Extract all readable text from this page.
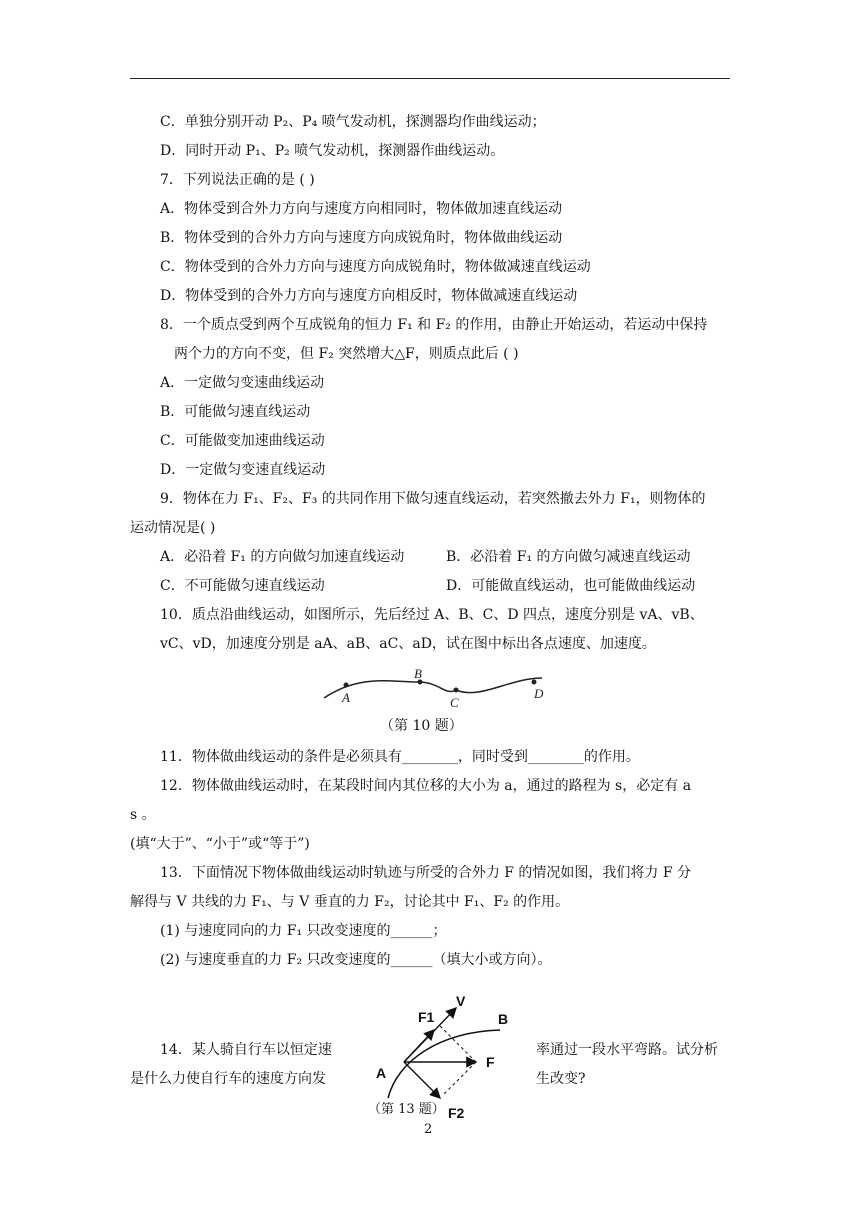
C．单独分别开动 P₂、P₄ 喷气发动机，探测器均作曲线运动；
D．同时开动 P₁、P₂ 喷气发动机，探测器作曲线运动。
7．下列说法正确的是 ( )
A．物体受到合外力方向与速度方向相同时，物体做加速直线运动
B．物体受到的合外力方向与速度方向成锐角时，物体做曲线运动
C．物体受到的合外力方向与速度方向成锐角时，物体做减速直线运动
D．物体受到的合外力方向与速度方向相反时，物体做减速直线运动
8．一个质点受到两个互成锐角的恒力 F₁ 和 F₂ 的作用，由静止开始运动，若运动中保持
两个力的方向不变，但 F₂ 突然增大△F，则质点此后 ( )
A．一定做匀变速曲线运动
B．可能做匀速直线运动
C．可能做变加速曲线运动
D．一定做匀变速直线运动
9．物体在力 F₁、F₂、F₃ 的共同作用下做匀速直线运动，若突然撤去外力 F₁，则物体的
运动情况是( )
A．必沿着 F₁ 的方向做匀加速直线运动	B．必沿着 F₁ 的方向做匀减速直线运动
C．不可能做匀速直线运动	D．可能做直线运动，也可能做曲线运动
10．质点沿曲线运动，如图所示，先后经过 A、B、C、D 四点，速度分别是 vA、vB、
vC、vD，加速度分别是 aA、aB、aC、aD，试在图中标出各点速度、加速度。
A
B
C
D
（第 10 题）
11．物体做曲线运动的条件是必须具有________，同时受到________的作用。
12．物体做曲线运动时，在某段时间内其位移的大小为 a，通过的路程为 s，必定有 a
s 。
(填“大于”、“小于”或“等于”)
13．下面情况下物体做曲线运动时轨迹与所受的合外力 F 的情况如图，我们将力 F 分
解得与 V 共线的力 F₁、与 V 垂直的力 F₂，讨论其中 F₁、F₂ 的作用。
(1) 与速度同向的力 F₁ 只改变速度的______；
(2) 与速度垂直的力 F₂ 只改变速度的______（填大小或方向）。
14．某人骑自行车以恒定速	率通过一段水平弯路。试分析
是什么力使自行车的速度方向发	生改变?
F1
V
B
F
A
F2
（第 13 题）
2
